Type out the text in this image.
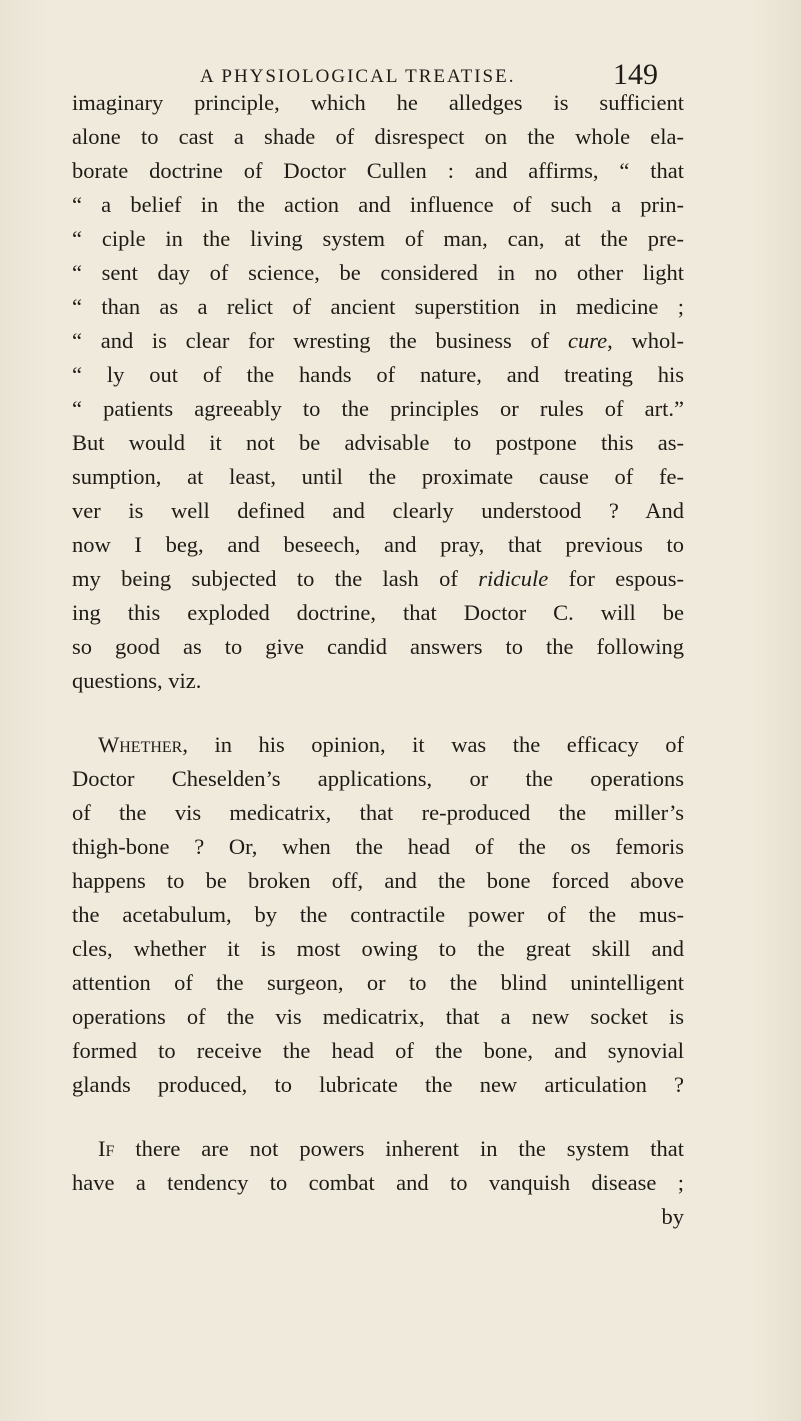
A PHYSIOLOGICAL TREATISE.	149
imaginary principle, which he alledges is sufficient
alone to cast a shade of disrespect on the whole ela-
borate doctrine of Doctor Cullen : and affirms, “ that
“ a belief in the action and influence of such a prin-
“ ciple in the living system of man, can, at the pre-
“ sent day of science, be considered in no other light
“ than as a relict of ancient superstition in medicine ;
“ and is clear for wresting the business of cure, whol-
“ ly out of the hands of nature, and treating his
“ patients agreeably to the principles or rules of art.”
But would it not be advisable to postpone this as-
sumption, at least, until the proximate cause of fe-
ver is well defined and clearly understood ? And
now I beg, and beseech, and pray, that previous to
my being subjected to the lash of ridicule for espous-
ing this exploded doctrine, that Doctor C. will be
so good as to give candid answers to the following
questions, viz.
Whether, in his opinion, it was the efficacy of
Doctor Cheselden’s applications, or the operations
of the vis medicatrix, that re-produced the miller’s
thigh-bone ? Or, when the head of the os femoris
happens to be broken off, and the bone forced above
the acetabulum, by the contractile power of the mus-
cles, whether it is most owing to the great skill and
attention of the surgeon, or to the blind unintelligent
operations of the vis medicatrix, that a new socket is
formed to receive the head of the bone, and synovial
glands produced, to lubricate the new articulation ?
If there are not powers inherent in the system that
have a tendency to combat and to vanquish disease ;
by
